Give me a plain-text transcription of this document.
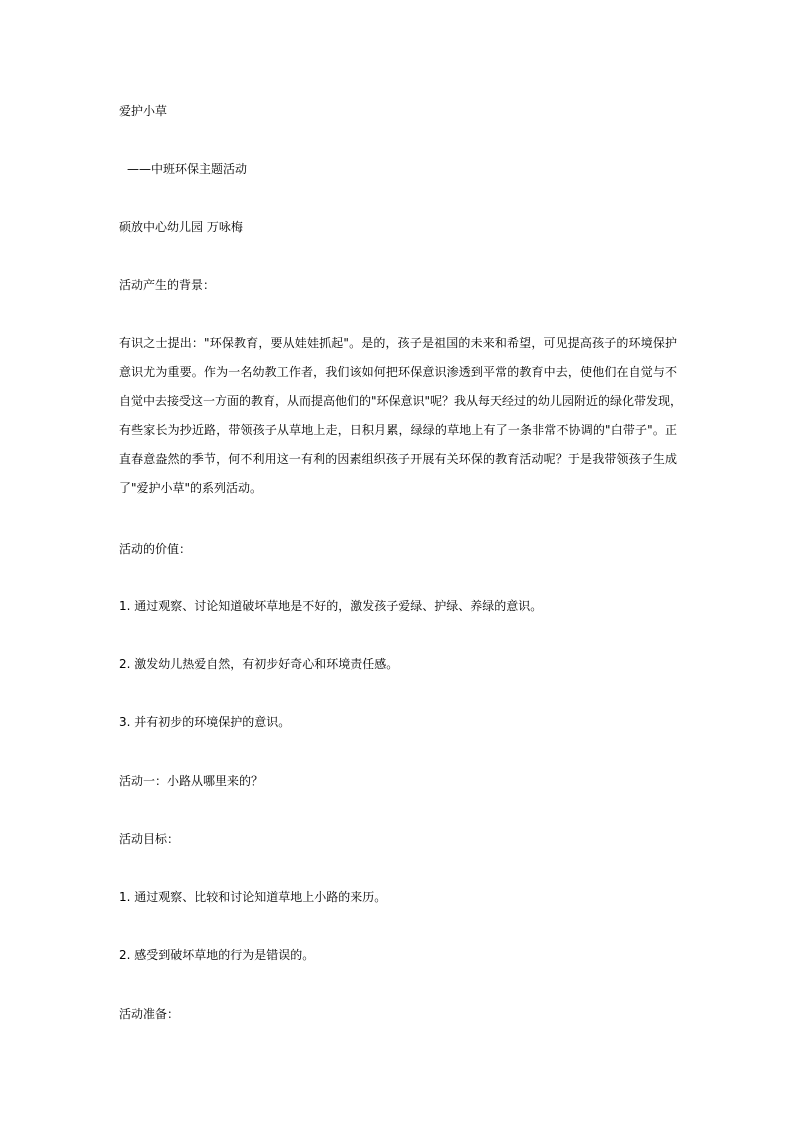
爱护小草
——中班环保主题活动
硕放中心幼儿园 万咏梅
活动产生的背景：
有识之士提出："环保教育，要从娃娃抓起"。是的，孩子是祖国的未来和希望，可见提高孩子的环境保护
意识尤为重要。作为一名幼教工作者，我们该如何把环保意识渗透到平常的教育中去，使他们在自觉与不
自觉中去接受这一方面的教育，从而提高他们的"环保意识"呢？我从每天经过的幼儿园附近的绿化带发现，
有些家长为抄近路，带领孩子从草地上走，日积月累，绿绿的草地上有了一条非常不协调的"白带子"。正
直春意盎然的季节，何不利用这一有利的因素组织孩子开展有关环保的教育活动呢？于是我带领孩子生成
了"爱护小草"的系列活动。
活动的价值：
1. 通过观察、讨论知道破坏草地是不好的，激发孩子爱绿、护绿、养绿的意识。
2. 激发幼儿热爱自然，有初步好奇心和环境责任感。
3. 并有初步的环境保护的意识。
活动一：小路从哪里来的？
活动目标：
1. 通过观察、比较和讨论知道草地上小路的来历。
2. 感受到破坏草地的行为是错误的。
活动准备：
